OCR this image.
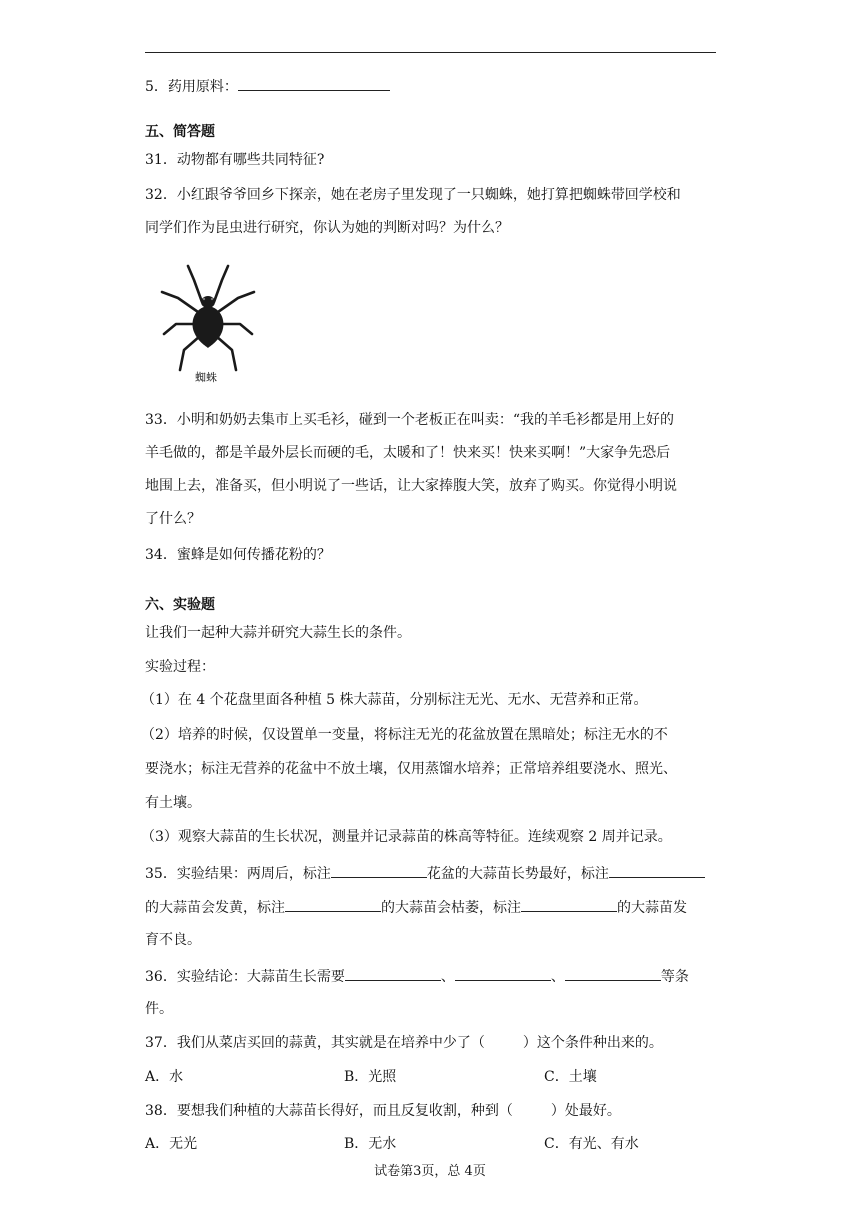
5．药用原料：
五、简答题
31．动物都有哪些共同特征?
32．小红跟爷爷回乡下探亲，她在老房子里发现了一只蜘蛛，她打算把蜘蛛带回学校和
同学们作为昆虫进行研究，你认为她的判断对吗？为什么？
蜘蛛
33．小明和奶奶去集市上买毛衫，碰到一个老板正在叫卖：“我的羊毛衫都是用上好的
羊毛做的，都是羊最外层长而硬的毛，太暖和了！快来买！快来买啊！”大家争先恐后
地围上去，准备买，但小明说了一些话，让大家捧腹大笑，放弃了购买。你觉得小明说
了什么？
34．蜜蜂是如何传播花粉的？
六、实验题
让我们一起种大蒜并研究大蒜生长的条件。
实验过程：
（1）在 4 个花盘里面各种植 5 株大蒜苗，分别标注无光、无水、无营养和正常。
（2）培养的时候，仅设置单一变量，将标注无光的花盆放置在黑暗处；标注无水的不
要浇水；标注无营养的花盆中不放土壤，仅用蒸馏水培养；正常培养组要浇水、照光、
有土壤。
（3）观察大蒜苗的生长状况，测量并记录蒜苗的株高等特征。连续观察 2 周并记录。
35．实验结果：两周后，标注	花盆的大蒜苗长势最好，标注
的大蒜苗会发黄，标注	的大蒜苗会枯萎，标注	的大蒜苗发
育不良。
36．实验结论：大蒜苗生长需要	、	、	等条
件。
37．我们从菜店买回的蒜黄，其实就是在培养中少了（	）这个条件种出来的。
A．水	B．光照	C．土壤
38．要想我们种植的大蒜苗长得好，而且反复收割，种到（	）处最好。
A．无光	B．无水	C．有光、有水
试卷第3页，总 4页
